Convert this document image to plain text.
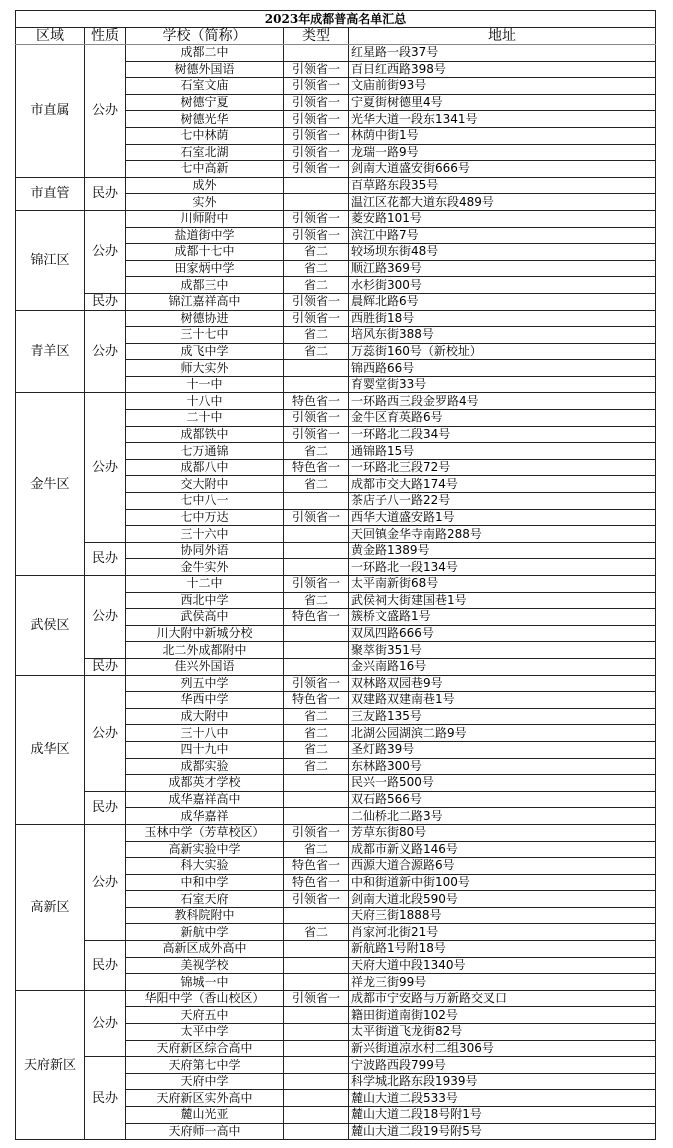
2023年成都普高名单汇总				
区域	性质	学校（简称）	类型	地址
市直属	公办	成都二中		红星路一段37号
		树德外国语	引领省一	百日红西路398号
		石室文庙	引领省一	文庙前街93号
		树德宁夏	引领省一	宁夏街树德里4号
		树德光华	引领省一	光华大道一段东1341号
		七中林荫	引领省一	林荫中街1号
		石室北湖	引领省一	龙瑞一路9号
		七中高新	引领省一	剑南大道盛安街666号
市直管	民办	成外		百草路东段35号
		实外		温江区花都大道东段489号
锦江区	公办	川师附中	引领省一	菱安路101号
		盐道街中学	引领省一	滨江中路7号
		成都十七中	省二	较场坝东街48号
		田家炳中学	省二	顺江路369号
		成都三中	省二	水杉街300号
	民办	锦江嘉祥高中	引领省一	晨辉北路6号
青羊区	公办	树德协进	引领省一	西胜街18号
		三十七中	省二	培风东街388号
		成飞中学	省二	万蕊街160号（新校址）
		师大实外		锦西路66号
		十一中		育婴堂街33号
金牛区	公办	十八中	特色省一	一环路西三段金罗路4号
		二十中	引领省一	金牛区育英路6号
		成都铁中	引领省一	一环路北二段34号
		七万通锦	省二	通锦路15号
		成都八中	特色省一	一环路北三段72号
		交大附中	省二	成都市交大路174号
		七中八一		茶店子八一路22号
		七中万达	引领省一	西华大道盛安路1号
		三十六中		天回镇金华寺南路288号
	民办	协同外语		黄金路1389号
		金牛实外		一环路北一段134号
武侯区	公办	十二中	引领省一	太平南新街68号
		西北中学	省二	武侯祠大街建国巷1号
		武侯高中	特色省一	簇桥文盛路1号
		川大附中新城分校		双凤四路666号
		北二外成都附中		聚萃街351号
	民办	佳兴外国语		金兴南路16号
成华区	公办	列五中学	引领省一	双林路双园巷9号
		华西中学	特色省一	双建路双建南巷1号
		成大附中	省二	三友路135号
		三十八中	省二	北湖公园湖滨二路9号
		四十九中	省二	圣灯路39号
		成都实验	省二	东林路300号
		成都英才学校		民兴一路500号
	民办	成华嘉祥高中		双石路566号
		成华嘉祥		二仙桥北二路3号
高新区	公办	玉林中学（芳草校区）	引领省一	芳草东街80号
		高新实验中学	省二	成都市新义路146号
		科大实验	特色省一	西源大道合源路6号
		中和中学	特色省一	中和街道新中街100号
		石室天府	引领省一	剑南大道北段590号
		教科院附中		天府三街1888号
		新航中学	省二	肖家河北街21号
	民办	高新区成外高中		新航路1号附18号
		美视学校		天府大道中段1340号
		锦城一中		祥龙三街99号
天府新区	公办	华阳中学（香山校区）	引领省一	成都市宁安路与万新路交叉口
		天府五中		籍田街道南街102号
		太平中学		太平街道飞龙街82号
		天府新区综合高中		新兴街道凉水村二组306号
	民办	天府第七中学		宁波路西段799号
		天府中学		科学城北路东段1939号
		天府新区实外高中		麓山大道二段533号
		麓山光亚		麓山大道二段18号附1号
		天府师一高中		麓山大道二段19号附5号
